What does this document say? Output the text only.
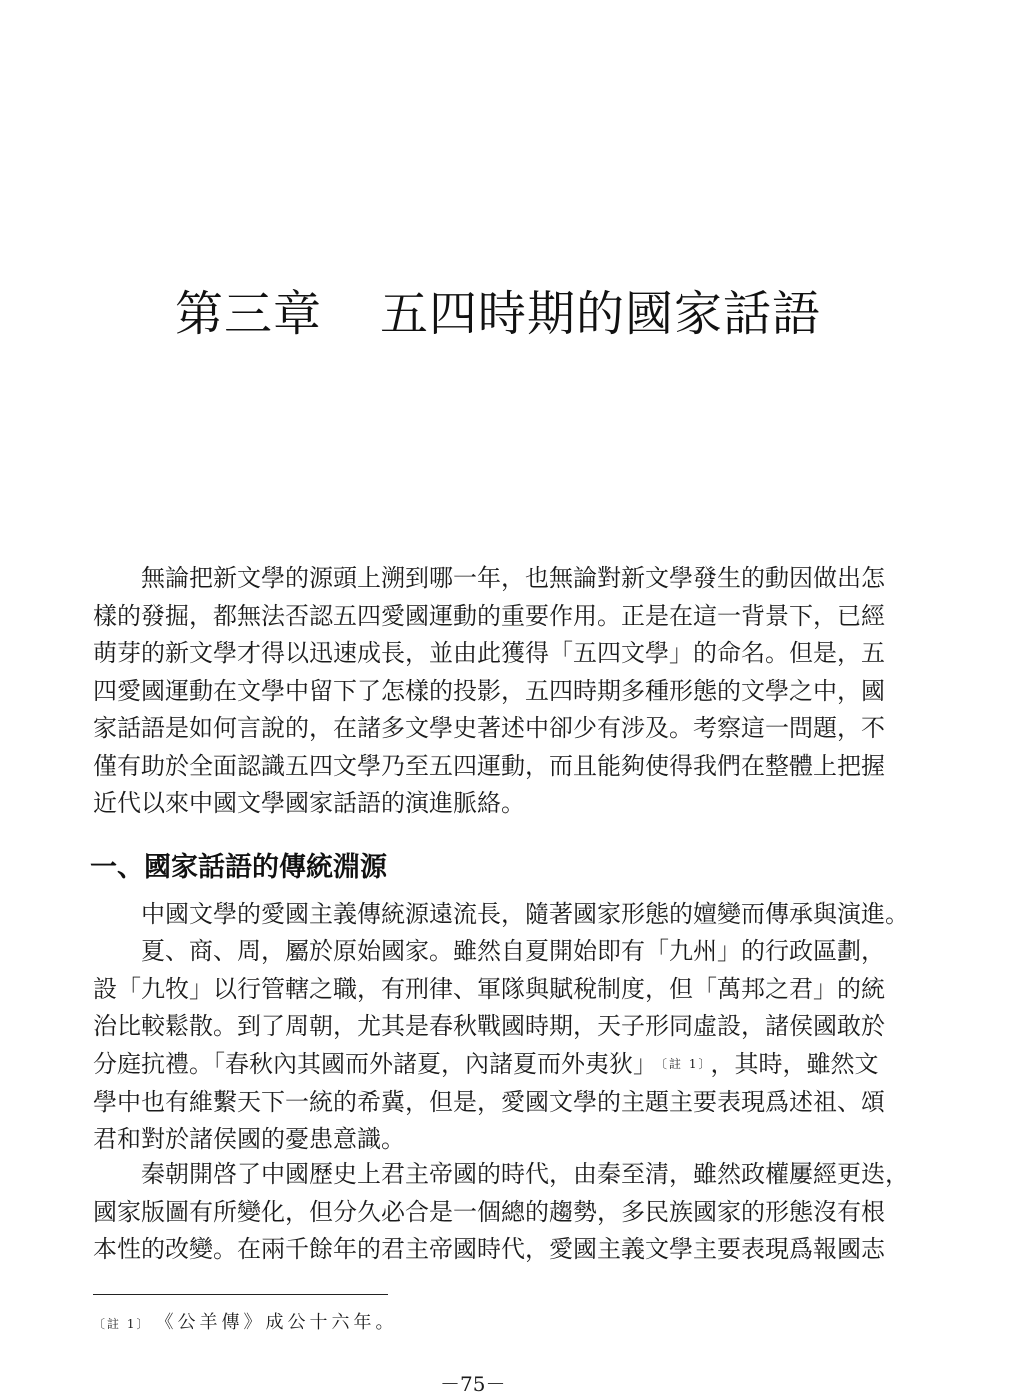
第三章 五四時期的國家話語

無論把新文學的源頭上溯到哪一年，也無論對新文學發生的動因做出怎
樣的發掘，都無法否認五四愛國運動的重要作用。正是在這一背景下，已經
萌芽的新文學才得以迅速成長，並由此獲得「五四文學」的命名。但是，五
四愛國運動在文學中留下了怎樣的投影，五四時期多種形態的文學之中，國
家話語是如何言說的，在諸多文學史著述中卻少有涉及。考察這一問題，不
僅有助於全面認識五四文學乃至五四運動，而且能夠使得我們在整體上把握
近代以來中國文學國家話語的演進脈絡。

一、國家話語的傳統淵源

中國文學的愛國主義傳統源遠流長，隨著國家形態的嬗變而傳承與演進。

夏、商、周，屬於原始國家。雖然自夏開始即有「九州」的行政區劃，
設「九牧」以行管轄之職，有刑律、軍隊與賦稅制度，但「萬邦之君」的統
治比較鬆散。到了周朝，尤其是春秋戰國時期，天子形同虛設，諸侯國敢於
分庭抗禮。「春秋內其國而外諸夏，內諸夏而外夷狄」 〔註 1〕 ，其時，雖然文
學中也有維繫天下一統的希冀，但是，愛國文學的主題主要表現爲述祖、頌
君和對於諸侯國的憂患意識。

秦朝開啓了中國歷史上君主帝國的時代，由秦至清，雖然政權屢經更迭，
國家版圖有所變化，但分久必合是一個總的趨勢，多民族國家的形態沒有根
本性的改變。在兩千餘年的君主帝國時代，愛國主義文學主要表現爲報國志

〔註 1〕 《公羊傳》成公十六年。
－75－
